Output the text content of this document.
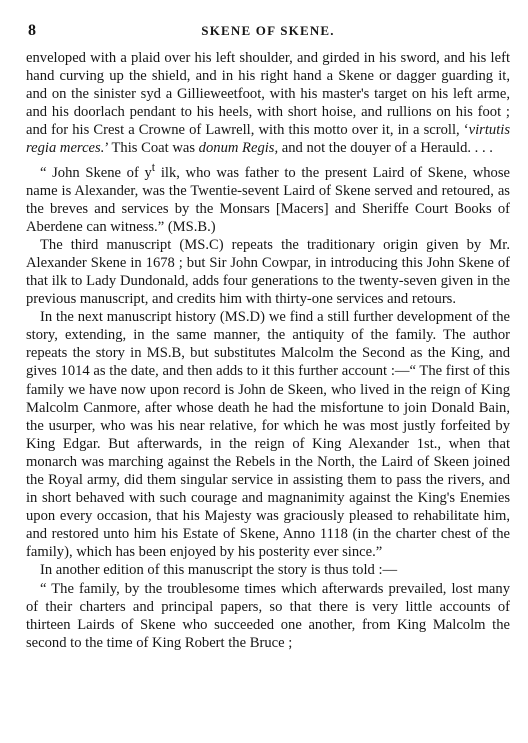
8	SKENE OF SKENE.

enveloped with a plaid over his left shoulder, and girded in his sword, and his left hand curving up the shield, and in his right hand a Skene or dagger guarding it, and on the sinister syd a Gillieweetfoot, with his master's target on his left arme, and his doorlach pendant to his heels, with short hoise, and rullions on his foot ; and for his Crest a Crowne of Lawrell, with this motto over it, in a scroll, ‘virtutis regia merces.’ This Coat was donum Regis, and not the douyer of a Herauld. . . .

“ John Skene of $y^t$ ilk, who was father to the present Laird of Skene, whose name is Alexander, was the Twentie-sevent Laird of Skene served and retoured, as the breves and services by the Monsars [Macers] and Sheriffe Court Books of Aberdene can witness.” (MS.B.)

The third manuscript (MS.C) repeats the traditionary origin given by Mr. Alexander Skene in 1678 ; but Sir John Cowpar, in introducing this John Skene of that ilk to Lady Dundonald, adds four generations to the twenty-seven given in the previous manuscript, and credits him with thirty-one services and retours.

In the next manuscript history (MS.D) we find a still further development of the story, extending, in the same manner, the antiquity of the family. The author repeats the story in MS.B, but substitutes Malcolm the Second as the King, and gives 1014 as the date, and then adds to it this further account :—“ The first of this family we have now upon record is John de Skeen, who lived in the reign of King Malcolm Canmore, after whose death he had the misfortune to join Donald Bain, the usurper, who was his near relative, for which he was most justly forfeited by King Edgar. But afterwards, in the reign of King Alexander 1st., when that monarch was marching against the Rebels in the North, the Laird of Skeen joined the Royal army, did them singular service in assisting them to pass the rivers, and in short behaved with such courage and magnanimity against the King's Enemies upon every occasion, that his Majesty was graciously pleased to rehabilitate him, and restored unto him his Estate of Skene, Anno 1118 (in the charter chest of the family), which has been enjoyed by his posterity ever since.”

In another edition of this manuscript the story is thus told :—

“ The family, by the troublesome times which afterwards prevailed, lost many of their charters and principal papers, so that there is very little accounts of thirteen Lairds of Skene who succeeded one another, from King Malcolm the second to the time of King Robert the Bruce ;
